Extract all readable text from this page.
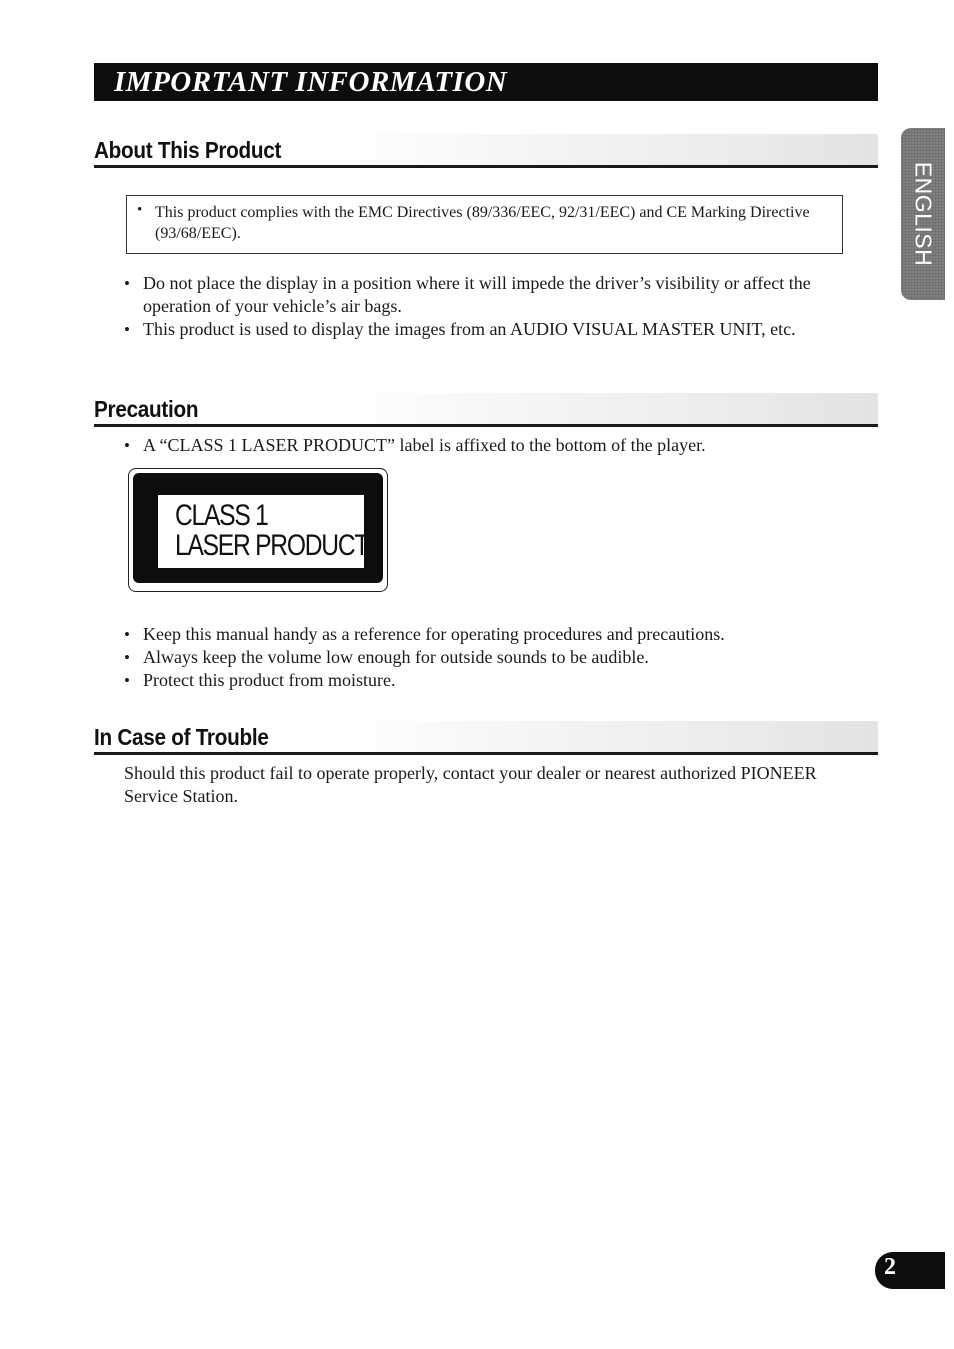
IMPORTANT INFORMATION
ENGLISH
About This Product
• This product complies with the EMC Directives (89/336/EEC, 92/31/EEC) and CE Marking Directive (93/68/EEC).
• Do not place the display in a position where it will impede the driver’s visibility or affect the operation of your vehicle’s air bags.
• This product is used to display the images from an AUDIO VISUAL MASTER UNIT, etc.
Precaution
• A “CLASS 1 LASER PRODUCT” label is affixed to the bottom of the player.
CLASS 1
LASER PRODUCT
• Keep this manual handy as a reference for operating procedures and precautions.
• Always keep the volume low enough for outside sounds to be audible.
• Protect this product from moisture.
In Case of Trouble
Should this product fail to operate properly, contact your dealer or nearest authorized PIONEER Service Station.
2
